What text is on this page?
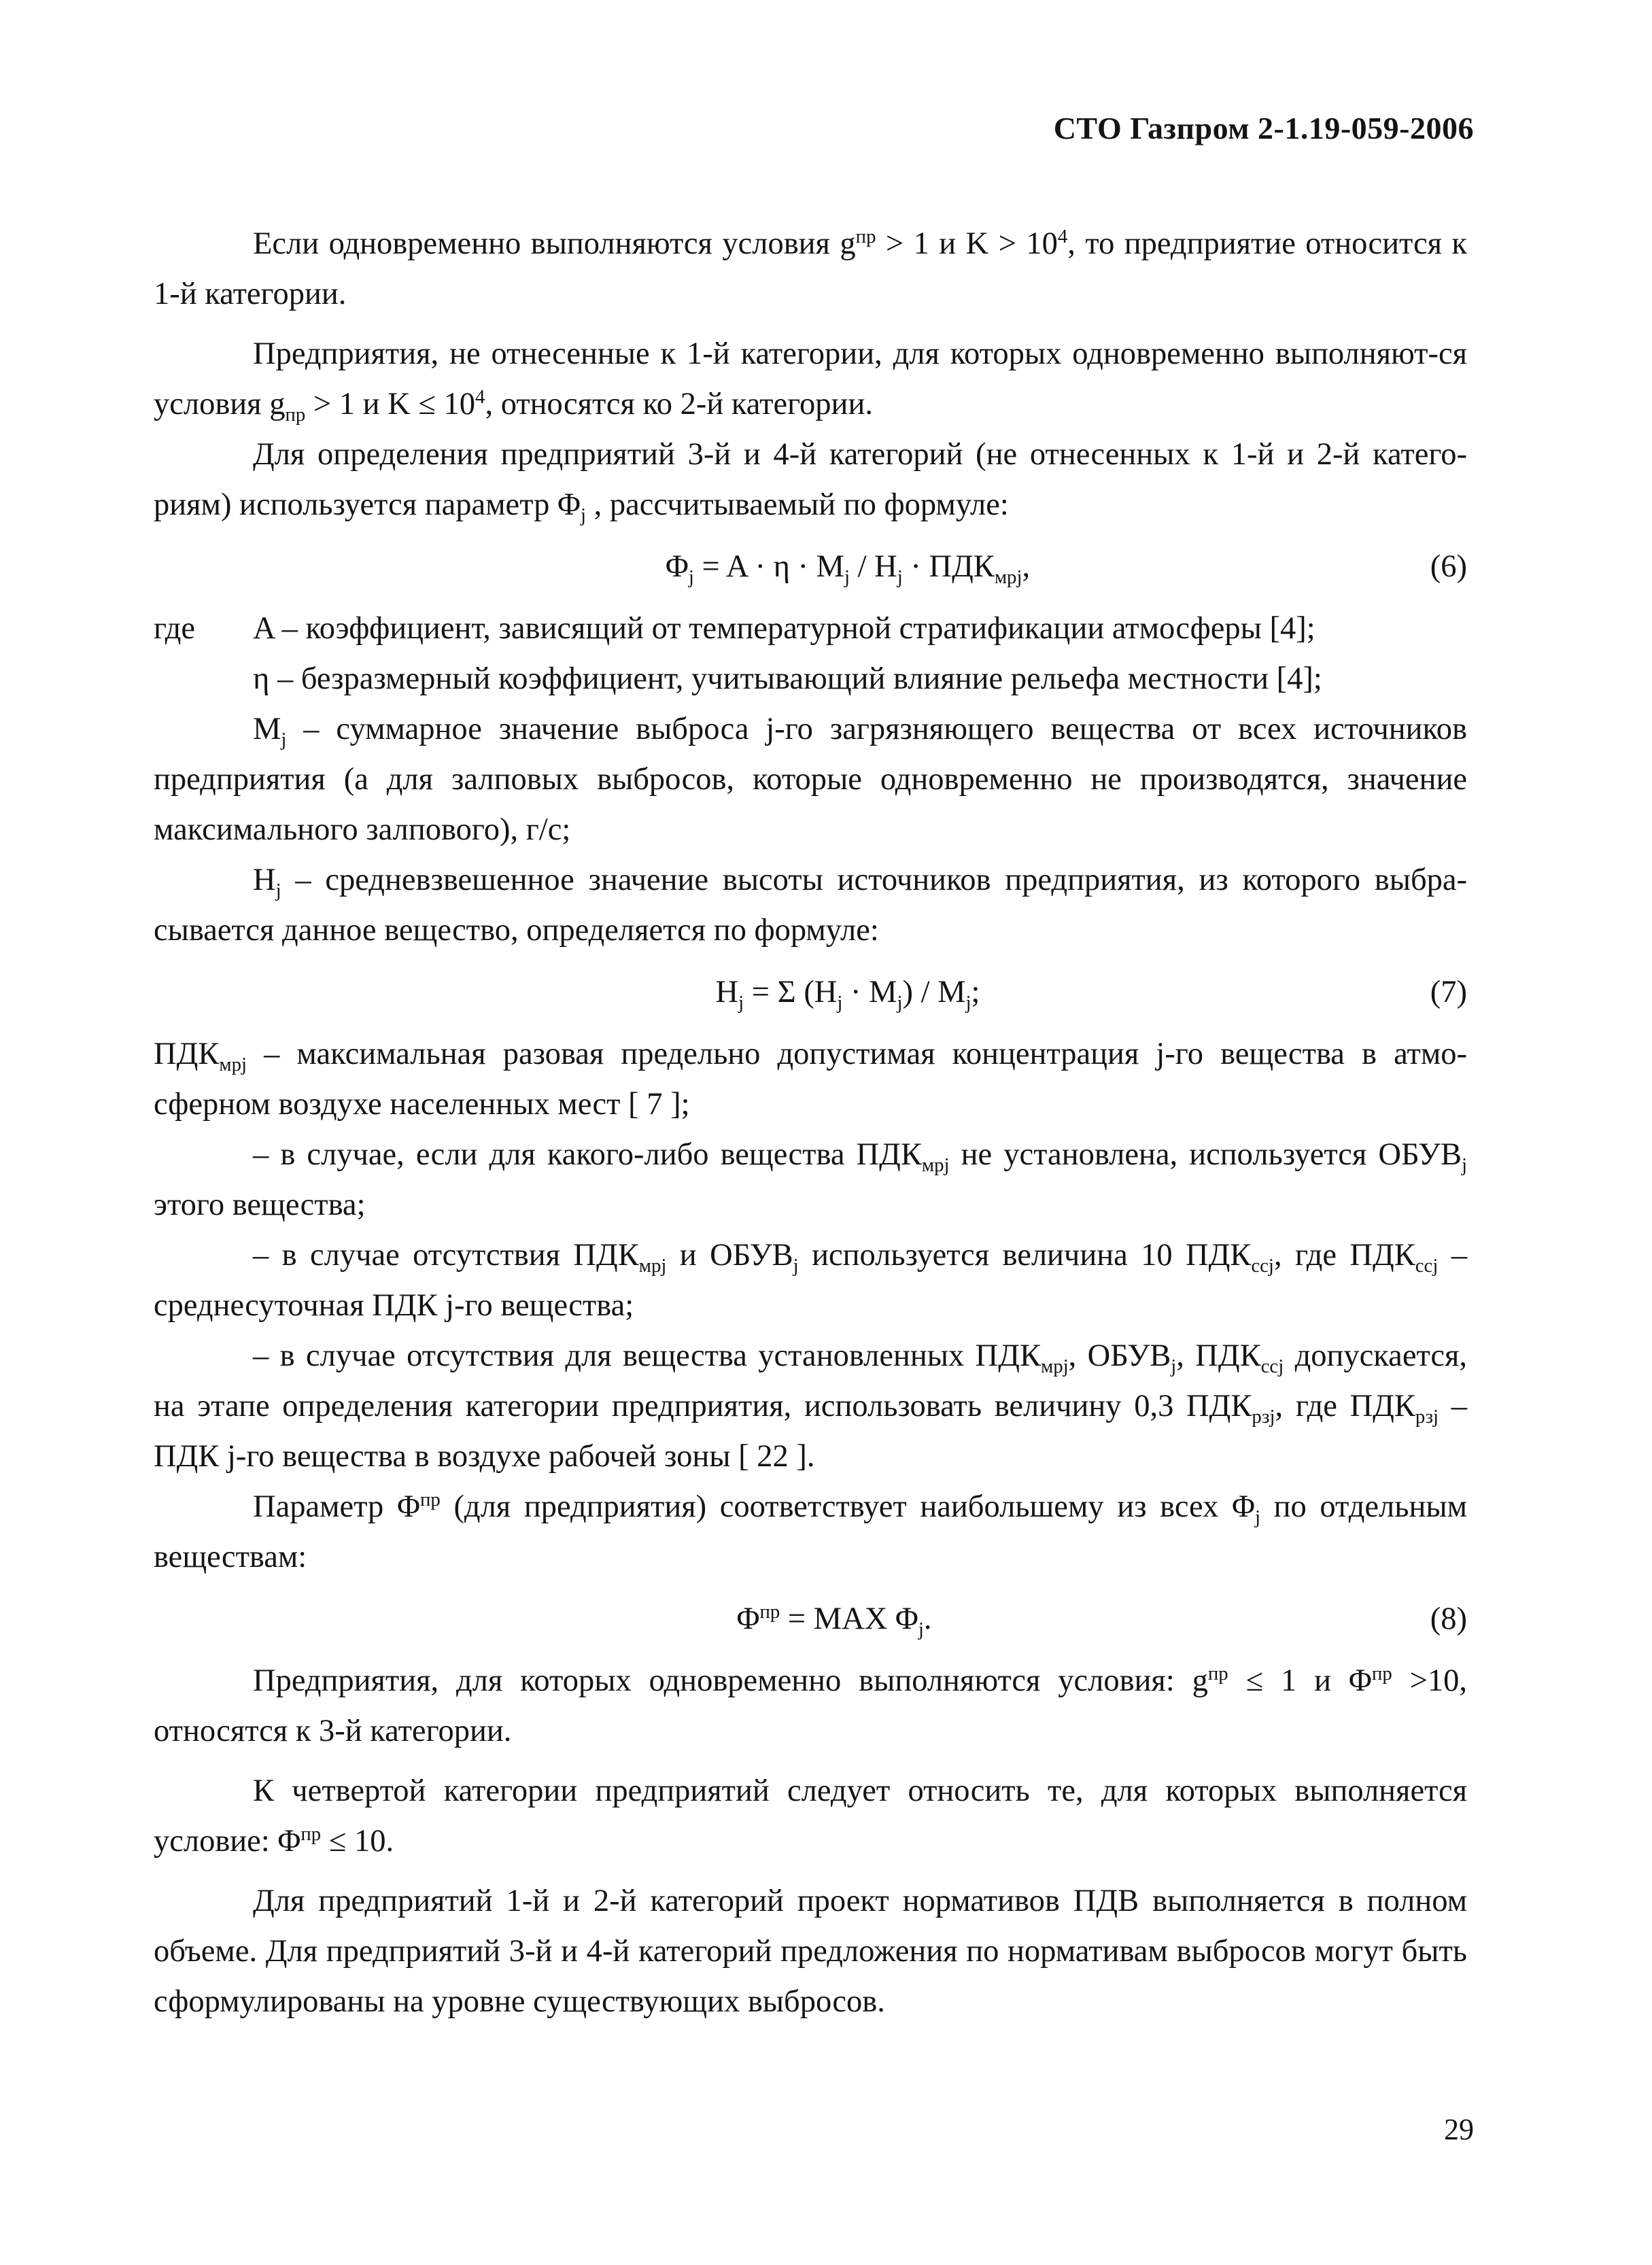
СТО Газпром 2-1.19-059-2006

Если одновременно выполняются условия $g^{пр} > 1$ и $K > 10^4$, то предприятие относится к 1-й категории.

Предприятия, не отнесенные к 1-й категории, для которых одновременно выполняют-ся условия $g_{пр} > 1$ и $K \le 10^4$, относятся ко 2-й категории.

Для определения предприятий 3-й и 4-й категорий (не отнесенных к 1-й и 2-й катего-риям) используется параметр $\Phi_j$ , рассчитываемый по формуле:

$\Phi_j = A \cdot \eta \cdot M_j / H_j \cdot ПДК_{мрj}$,	(6)
где A – коэффициент, зависящий от температурной стратификации атмосферы [4];

η – безразмерный коэффициент, учитывающий влияние рельефа местности [4];

$M_j$ – суммарное значение выброса j-го загрязняющего вещества от всех источников предприятия (а для залповых выбросов, которые одновременно не производятся, значение максимального залпового), г/с;

$H_j$ – средневзвешенное значение высоты источников предприятия, из которого выбра-сывается данное вещество, определяется по формуле:

$H_j = \Sigma$ $(H_j \cdot M_j) / M_j$;	(7)

$ПДК_{мрj}$ – максимальная разовая предельно допустимая концентрация j-го вещества в атмо-сферном воздухе населенных мест [ 7 ];

– в случае, если для какого-либо вещества $ПДК_{мрj}$ не установлена, используется $ОБУВ_j$ этого вещества;

– в случае отсутствия $ПДК_{мрj}$ и $ОБУВ_j$ используется величина 10 $ПДК_{ccj}$, где $ПДК_{ccj}$ – среднесуточная ПДК j-го вещества;

– в случае отсутствия для вещества установленных $ПДК_{мрj}$, $ОБУВ_j$, $ПДК_{ccj}$ допускается, на этапе определения категории предприятия, использовать величину 0,3 $ПДК_{рзj}$, где $ПДК_{рзj}$ – ПДК j-го вещества в воздухе рабочей зоны [ 22 ].

Параметр $\Phi^{пр}$ (для предприятия) соответствует наибольшему из всех $\Phi_j$ по отдельным веществам:

$\Phi^{пр}$ = MAX $\Phi_j$.	(8)

Предприятия, для которых одновременно выполняются условия: $g^{пр} \le 1$ и $\Phi^{пр} >10$, относятся к 3-й категории.

К четвертой категории предприятий следует относить те, для которых выполняется условие: $\Phi^{пр} \le 10$.

Для предприятий 1-й и 2-й категорий проект нормативов ПДВ выполняется в полном объеме. Для предприятий 3-й и 4-й категорий предложения по нормативам выбросов могут быть сформулированы на уровне существующих выбросов.

29
